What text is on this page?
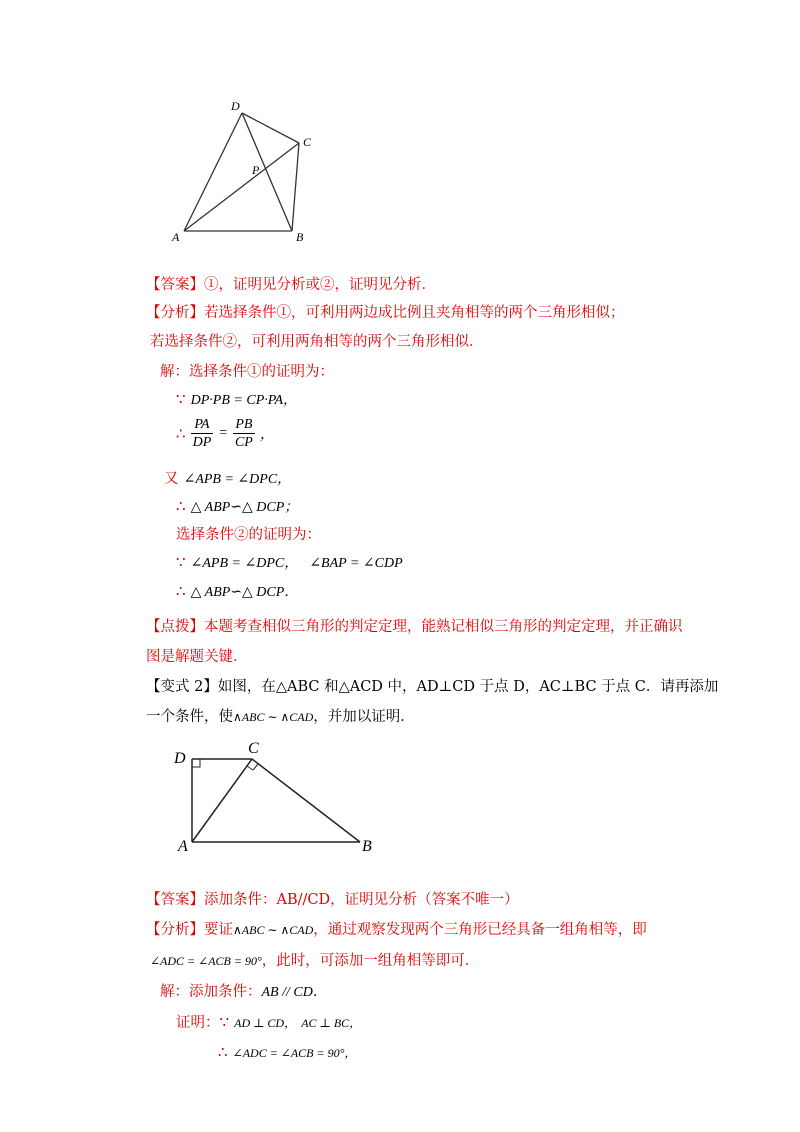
D
C
P
A	B
【答案】①，证明见分析或②，证明见分析．
【分析】若选择条件①，可利用两边成比例且夹角相等的两个三角形相似；
若选择条件②，可利用两角相等的两个三角形相似．
解：选择条件①的证明为：
∵ DP·PB = CP·PA，
∴ $\frac{PA}{DP} = \frac{PB}{CP}$ ，
又 ∠APB = ∠DPC，
∴ △ ABP∽△ DCP；
选择条件②的证明为：
∵ ∠APB = ∠DPC， ∠BAP = ∠CDP
∴ △ ABP∽△ DCP．
【点拨】本题考查相似三角形的判定定理，能熟记相似三角形的判定定理，并正确识
图是解题关键．
【变式 2】如图，在△ABC 和△ACD 中，AD⊥CD 于点 D，AC⊥BC 于点 C．请再添加
一个条件，使∧ABC ∼ ∧CAD，并加以证明．
D
C
A	B
【答案】添加条件：AB//CD，证明见分析（答案不唯一）
【分析】要证∧ABC ∼ ∧CAD，通过观察发现两个三角形已经具备一组角相等，即
∠ADC = ∠ACB = 90°，此时，可添加一组角相等即可．
解：添加条件：AB // CD．
证明：∵ AD ⊥ CD， AC ⊥ BC，
∴ ∠ADC = ∠ACB = 90°，
